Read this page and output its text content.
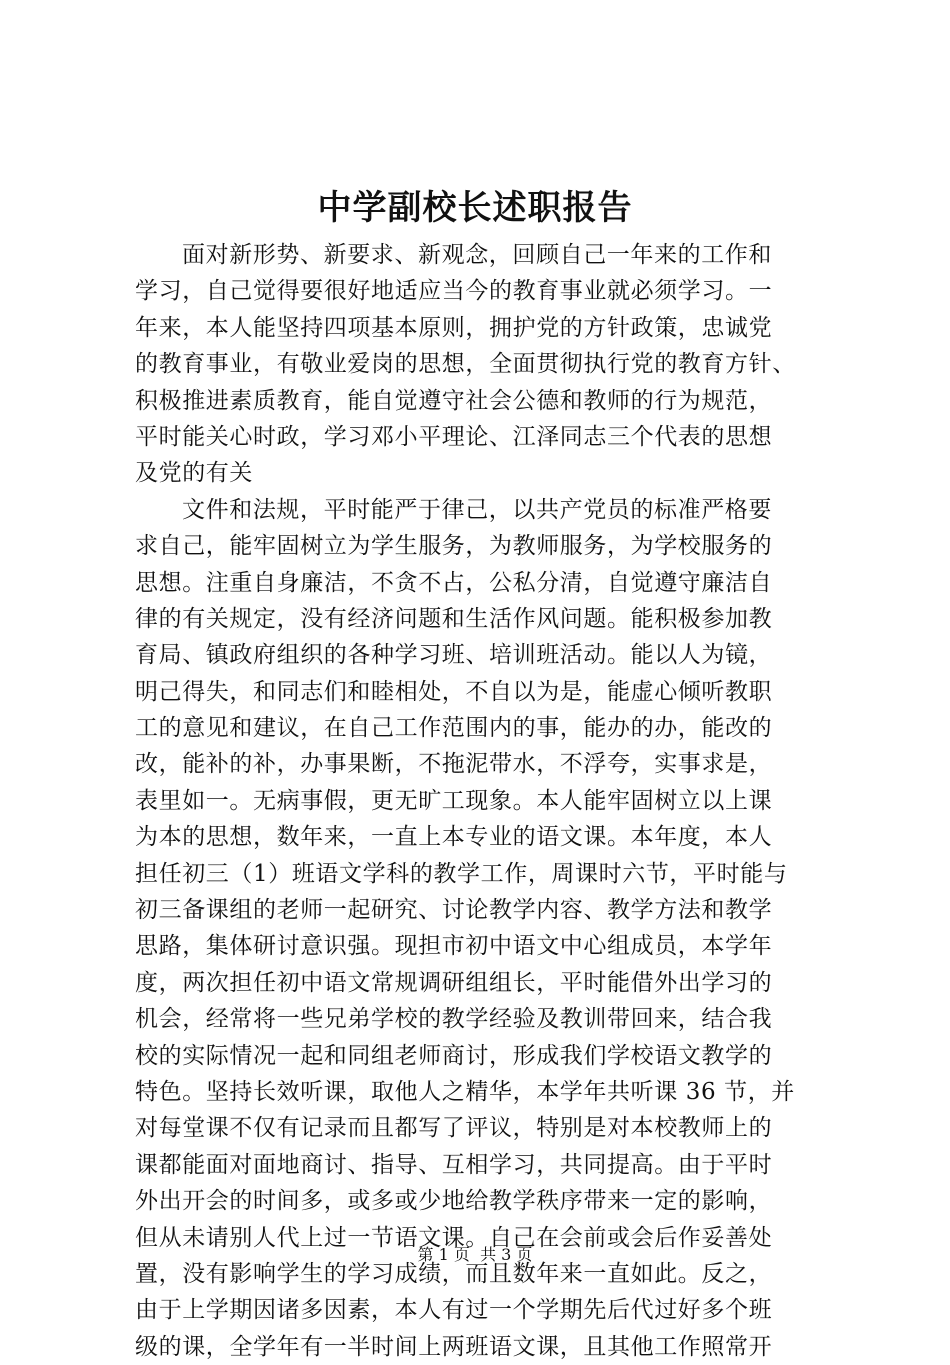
中学副校长述职报告
面对新形势、新要求、新观念，回顾自己一年来的工作和
学习，自己觉得要很好地适应当今的教育事业就必须学习。一
年来，本人能坚持四项基本原则，拥护党的方针政策，忠诚党
的教育事业，有敬业爱岗的思想，全面贯彻执行党的教育方针、
积极推进素质教育，能自觉遵守社会公德和教师的行为规范，
平时能关心时政，学习邓小平理论、江泽同志三个代表的思想
及党的有关
文件和法规，平时能严于律己，以共产党员的标准严格要
求自己，能牢固树立为学生服务，为教师服务，为学校服务的
思想。注重自身廉洁，不贪不占，公私分清，自觉遵守廉洁自
律的有关规定，没有经济问题和生活作风问题。能积极参加教
育局、镇政府组织的各种学习班、培训班活动。能以人为镜，
明己得失，和同志们和睦相处，不自以为是，能虚心倾听教职
工的意见和建议，在自己工作范围内的事，能办的办，能改的
改，能补的补，办事果断，不拖泥带水，不浮夸，实事求是，
表里如一。无病事假，更无旷工现象。本人能牢固树立以上课
为本的思想，数年来，一直上本专业的语文课。本年度，本人
担任初三（1）班语文学科的教学工作，周课时六节，平时能与
初三备课组的老师一起研究、讨论教学内容、教学方法和教学
思路，集体研讨意识强。现担市初中语文中心组成员，本学年
度，两次担任初中语文常规调研组组长，平时能借外出学习的
机会，经常将一些兄弟学校的教学经验及教训带回来，结合我
校的实际情况一起和同组老师商讨，形成我们学校语文教学的
特色。坚持长效听课，取他人之精华，本学年共听课 36 节，并
对每堂课不仅有记录而且都写了评议，特别是对本校教师上的
课都能面对面地商讨、指导、互相学习，共同提高。由于平时
外出开会的时间多，或多或少地给教学秩序带来一定的影响，
但从未请别人代上过一节语文课。自己在会前或会后作妥善处
置，没有影响学生的学习成绩，而且数年来一直如此。反之，
由于上学期因诸多因素，本人有过一个学期先后代过好多个班
级的课，全学年有一半时间上两班语文课，且其他工作照常开
第 1 页  共 3 页
